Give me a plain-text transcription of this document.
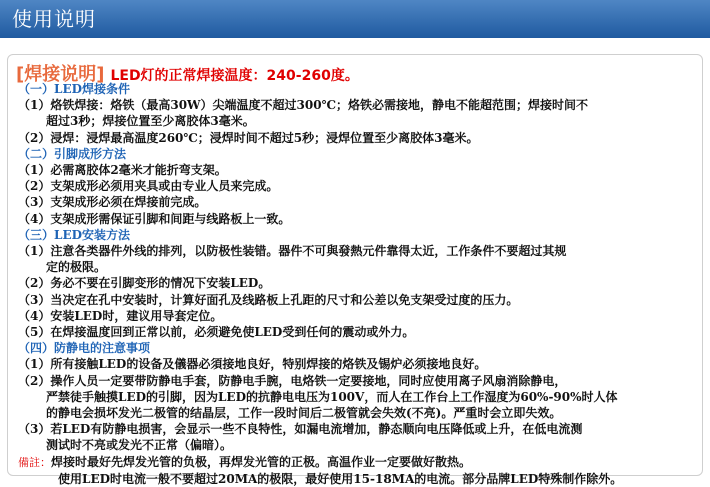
使用说明
[焊接说明] LED灯的正常焊接温度：240-260度。
（一）LED焊接条件
（1）烙铁焊接：烙铁（最高30W）尖端温度不超过300℃；烙铁必需接地，静电不能超范围；焊接时间不
超过3秒；焊接位置至少离胶体3毫米。
（2）浸焊：浸焊最高温度260℃；浸焊时间不超过5秒；浸焊位置至少离胶体3毫米。
（二）引脚成形方法
（1）必需离胶体2毫米才能折弯支架。
（2）支架成形必须用夹具或由专业人员来完成。
（3）支架成形必须在焊接前完成。
（4）支架成形需保证引脚和间距与线路板上一致。
（三）LED安装方法
（1）注意各类器件外线的排列，以防极性装错。器件不可與發熱元件靠得太近，工作条件不要超过其规
定的极限。
（2）务必不要在引脚变形的情况下安装LED。
（3）当决定在孔中安装时，计算好面孔及线路板上孔距的尺寸和公差以免支架受过度的压力。
（4）安装LED时，建议用导套定位。
（5）在焊接温度回到正常以前，必须避免使LED受到任何的震动或外力。
（四）防静电的注意事项
（1）所有接触LED的设备及儀器必須接地良好，特别焊接的烙铁及锡炉必须接地良好。
（2）操作人员一定要带防静电手套，防静电手腕，电烙铁一定要接地，同时应使用离子风扇消除静电，
严禁徒手触摸LED的引脚，因为LED的抗静电电压为100V，而人在工作台上工作湿度为60%-90%时人体
的静电会损坏发光二极管的结晶层，工作一段时间后二极管就会失效(不亮)。严重时会立即失效。
（3）若LED有防静电损害，会显示一些不良特性，如漏电流增加，静态顺向电压降低或上升，在低电流测
测试时不亮或发光不正常（偏暗）。
備註：焊接时最好先焊发光管的负极，再焊发光管的正极。高温作业一定要做好散热。
使用LED时电流一般不要超过20MA的极限，最好使用15-18MA的电流。部分品牌LED特殊制作除外。
